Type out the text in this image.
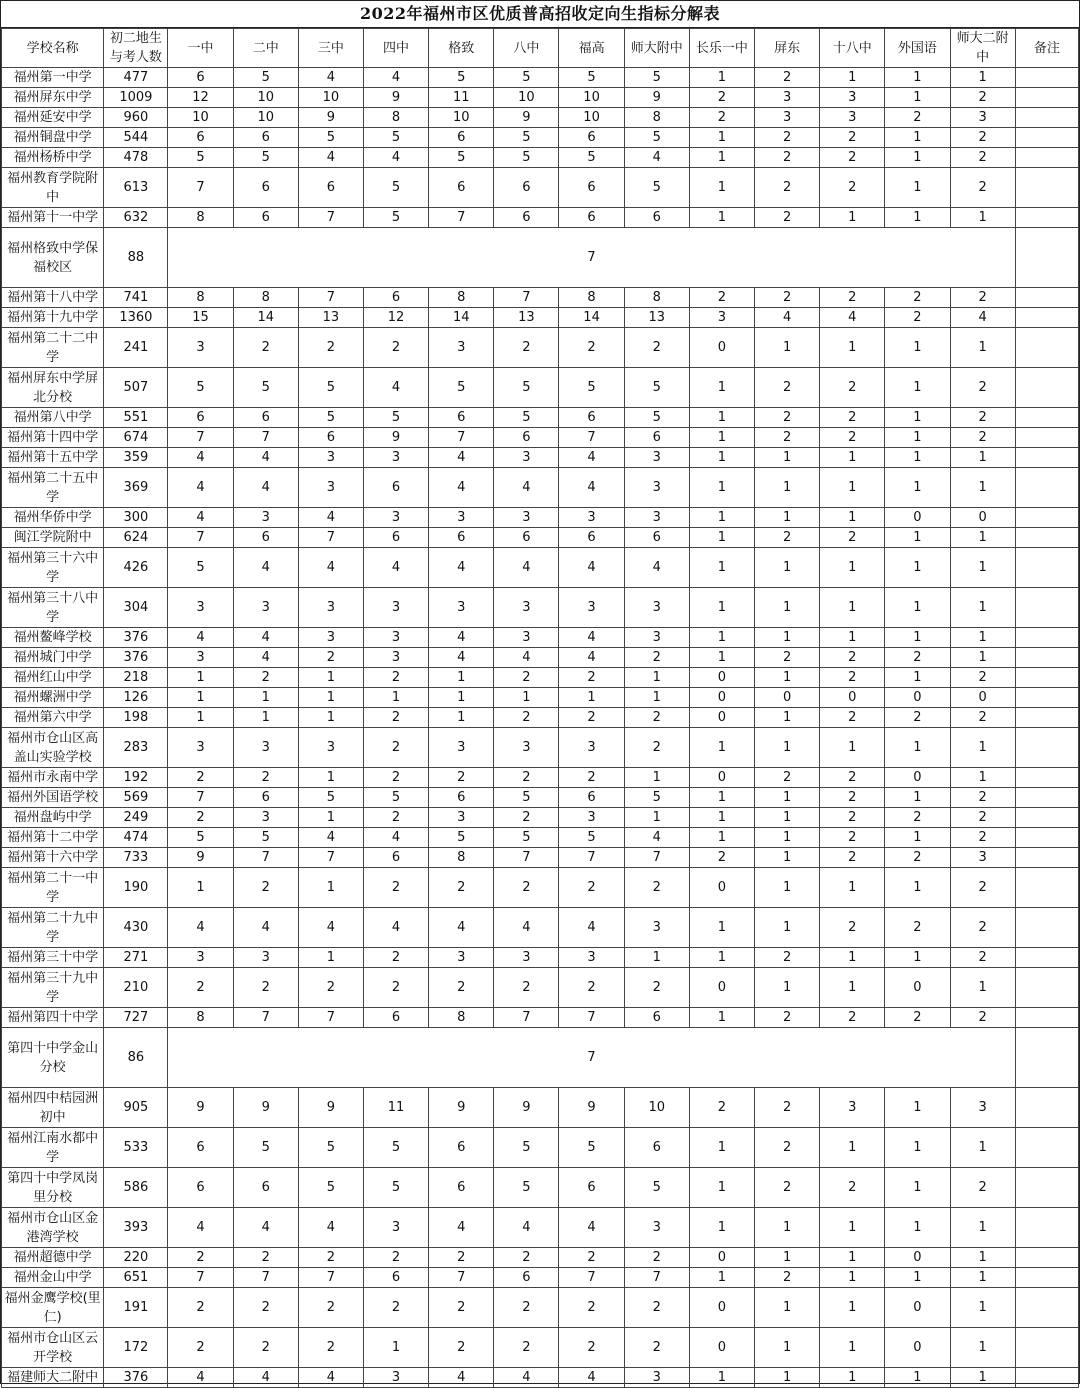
2022年福州市区优质普高招收定向生指标分解表
学校名称	初二地生与考人数	一中	二中	三中	四中	格致	八中	福高	师大附中	长乐一中	屏东	十八中	外国语	师大二附中	备注
福州第一中学	477	6	5	4	4	5	5	5	5	1	2	1	1	1	
福州屏东中学	1009	12	10	10	9	11	10	10	9	2	3	3	1	2	
福州延安中学	960	10	10	9	8	10	9	10	8	2	3	3	2	3	
福州铜盘中学	544	6	6	5	5	6	5	6	5	1	2	2	1	2	
福州杨桥中学	478	5	5	4	4	5	5	5	4	1	2	2	1	2	
福州教育学院附中	613	7	6	6	5	6	6	6	5	1	2	2	1	2	
福州第十一中学	632	8	6	7	5	7	6	6	6	1	2	1	1	1	
福州格致中学保福校区	88	7													
福州第十八中学	741	8	8	7	6	8	7	8	8	2	2	2	2	2	
福州第十九中学	1360	15	14	13	12	14	13	14	13	3	4	4	2	4	
福州第二十二中学	241	3	2	2	2	3	2	2	2	0	1	1	1	1	
福州屏东中学屏北分校	507	5	5	5	4	5	5	5	5	1	2	2	1	2	
福州第八中学	551	6	6	5	5	6	5	6	5	1	2	2	1	2	
福州第十四中学	674	7	7	6	9	7	6	7	6	1	2	2	1	2	
福州第十五中学	359	4	4	3	3	4	3	4	3	1	1	1	1	1	
福州第二十五中学	369	4	4	3	6	4	4	4	3	1	1	1	1	1	
福州华侨中学	300	4	3	4	3	3	3	3	3	1	1	1	0	0	
闽江学院附中	624	7	6	7	6	6	6	6	6	1	2	2	1	1	
福州第三十六中学	426	5	4	4	4	4	4	4	4	1	1	1	1	1	
福州第三十八中学	304	3	3	3	3	3	3	3	3	1	1	1	1	1	
福州鳌峰学校	376	4	4	3	3	4	3	4	3	1	1	1	1	1	
福州城门中学	376	3	4	2	3	4	4	4	2	1	2	2	2	1	
福州红山中学	218	1	2	1	2	1	2	2	1	0	1	2	1	2	
福州螺洲中学	126	1	1	1	1	1	1	1	1	0	0	0	0	0	
福州第六中学	198	1	1	1	2	1	2	2	2	0	1	2	2	2	
福州市仓山区高盖山实验学校	283	3	3	3	2	3	3	3	2	1	1	1	1	1	
福州市永南中学	192	2	2	1	2	2	2	2	1	0	2	2	0	1	
福州外国语学校	569	7	6	5	5	6	5	6	5	1	1	2	1	2	
福州盘屿中学	249	2	3	1	2	3	2	3	1	1	1	2	2	2	
福州第十二中学	474	5	5	4	4	5	5	5	4	1	1	2	1	2	
福州第十六中学	733	9	7	7	6	8	7	7	7	2	1	2	2	3	
福州第二十一中学	190	1	2	1	2	2	2	2	2	0	1	1	1	2	
福州第二十九中学	430	4	4	4	4	4	4	4	3	1	1	2	2	2	
福州第三十中学	271	3	3	1	2	3	3	3	1	1	2	1	1	2	
福州第三十九中学	210	2	2	2	2	2	2	2	2	0	1	1	0	1	
福州第四十中学	727	8	7	7	6	8	7	7	6	1	2	2	2	2	
第四十中学金山分校	86	7													
福州四中桔园洲初中	905	9	9	9	11	9	9	9	10	2	2	3	1	3	
福州江南水都中学	533	6	5	5	5	6	5	5	6	1	2	1	1	1	
第四十中学凤岗里分校	586	6	6	5	5	6	5	6	5	1	2	2	1	2	
福州市仓山区金港湾学校	393	4	4	4	3	4	4	4	3	1	1	1	1	1	
福州超德中学	220	2	2	2	2	2	2	2	2	0	1	1	0	1	
福州金山中学	651	7	7	7	6	7	6	7	7	1	2	1	1	1	
福州金鹰学校(里仁)	191	2	2	2	2	2	2	2	2	0	1	1	0	1	
福州市仓山区云开学校	172	2	2	2	1	2	2	2	2	0	1	1	0	1	
福建师大二附中	376	4	4	4	3	4	4	4	3	1	1	1	1	1	
